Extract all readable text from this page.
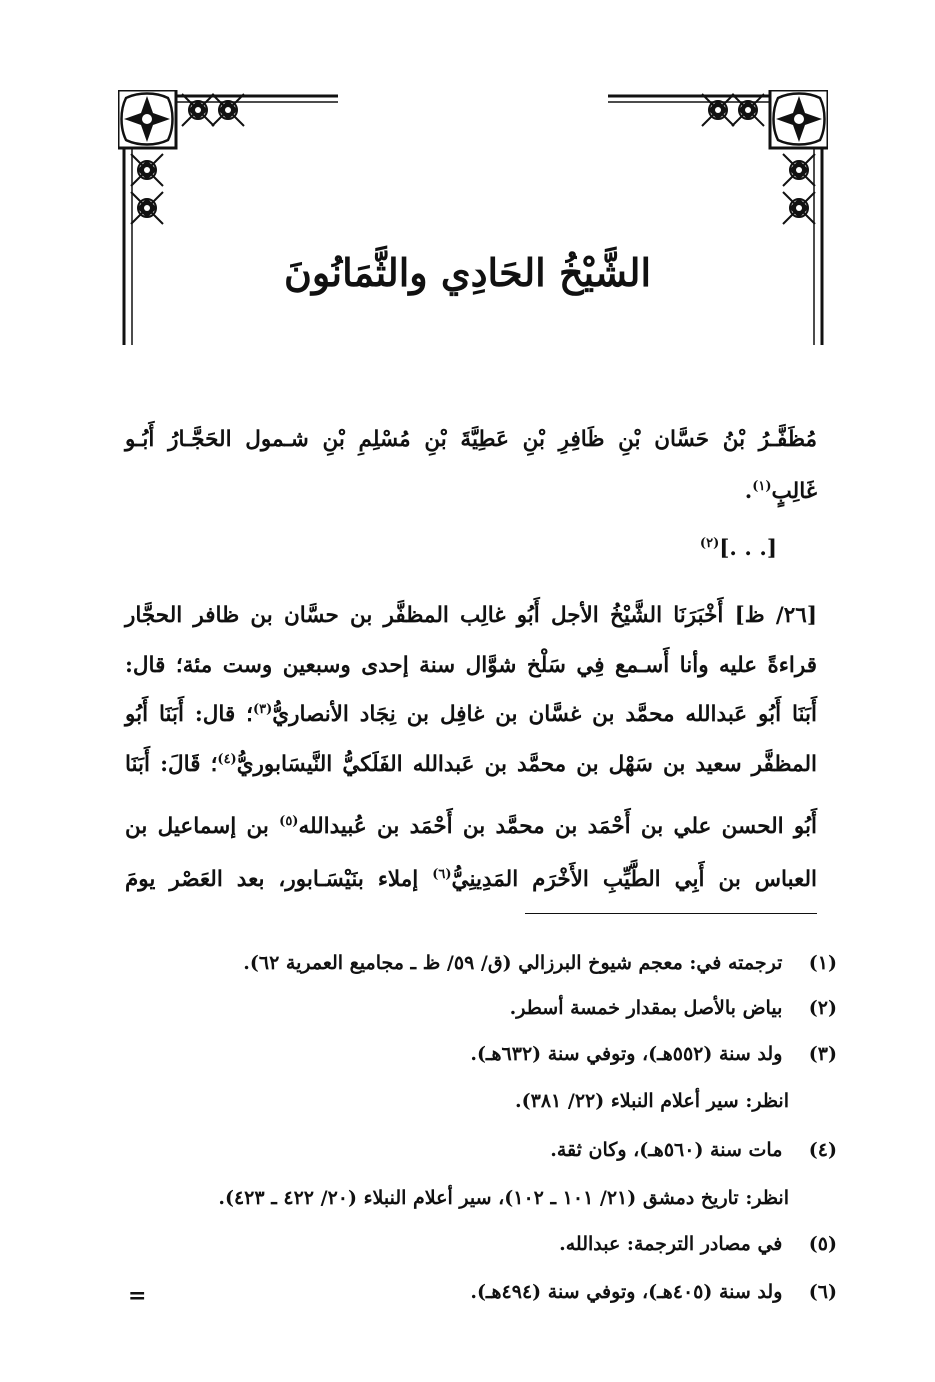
الشَّيْخُ الحَادِي والثَّمَانُونَ
مُظَفَّـرُ بْنُ حَسَّان بْنِ ظَافِرِ بْنِ عَطِيَّةَ بْنِ مُسْلِمِ بْنِ شـمول الحَجَّـارُ أَبُـو
غَالِبٍ$^{(١)}$.
[. . .]$^{(٢)}$
[٢٦/ ظ] أَخْبَرَنَا الشَّيْخُ الأجل أَبُو غالِب المظفَّر بن حسَّان بن ظافر الحجَّار
قراءةً عليه وأنا أَسـمع فِي سَلْخ شوَّال سنة إحدى وسبعين وست مئة؛ قال:
أَبَنَا أَبُو عَبدالله محمَّد بن غسَّان بن غافِل بن نِجَاد الأنصاريُّ$^{(٣)}$؛ قال: أَبَنَا أَبُو
المظفَّر سعيد بن سَهْل بن محمَّد بن عَبدالله الفَلَكيُّ النَّيسَابوريُّ$^{(٤)}$؛ قَالَ: أَبَنَا
أَبُو الحسن علي بن أَحْمَد بن محمَّد بن أَحْمَد بن عُبيدالله$^{(٥)}$ بن إسماعيل بن
العباس بن أَبِي الطَّيِّبِ الأَخْرَم المَدِينِيُّ$^{(٦)}$ إملاء بنَيْسَـابور، بعد العَصْر يومَ
(١) ترجمته في: معجم شيوخ البرزالي (ق/ ٥٩/ ظ ـ مجاميع العمرية ٦٢).
(٢) بياض بالأصل بمقدار خمسة أسطر.
(٣) ولد سنة (٥٥٢هـ)، وتوفي سنة (٦٣٢هـ).
انظر: سير أعلام النبلاء (٢٢/ ٣٨١).
(٤) مات سنة (٥٦٠هـ)، وكان ثقة.
انظر: تاريخ دمشق (٢١/ ١٠١ ـ ١٠٢)، سير أعلام النبلاء (٢٠/ ٤٢٢ ـ ٤٢٣).
(٥) في مصادر الترجمة: عبدالله.
(٦) ولد سنة (٤٠٥هـ)، وتوفي سنة (٤٩٤هـ).
=
